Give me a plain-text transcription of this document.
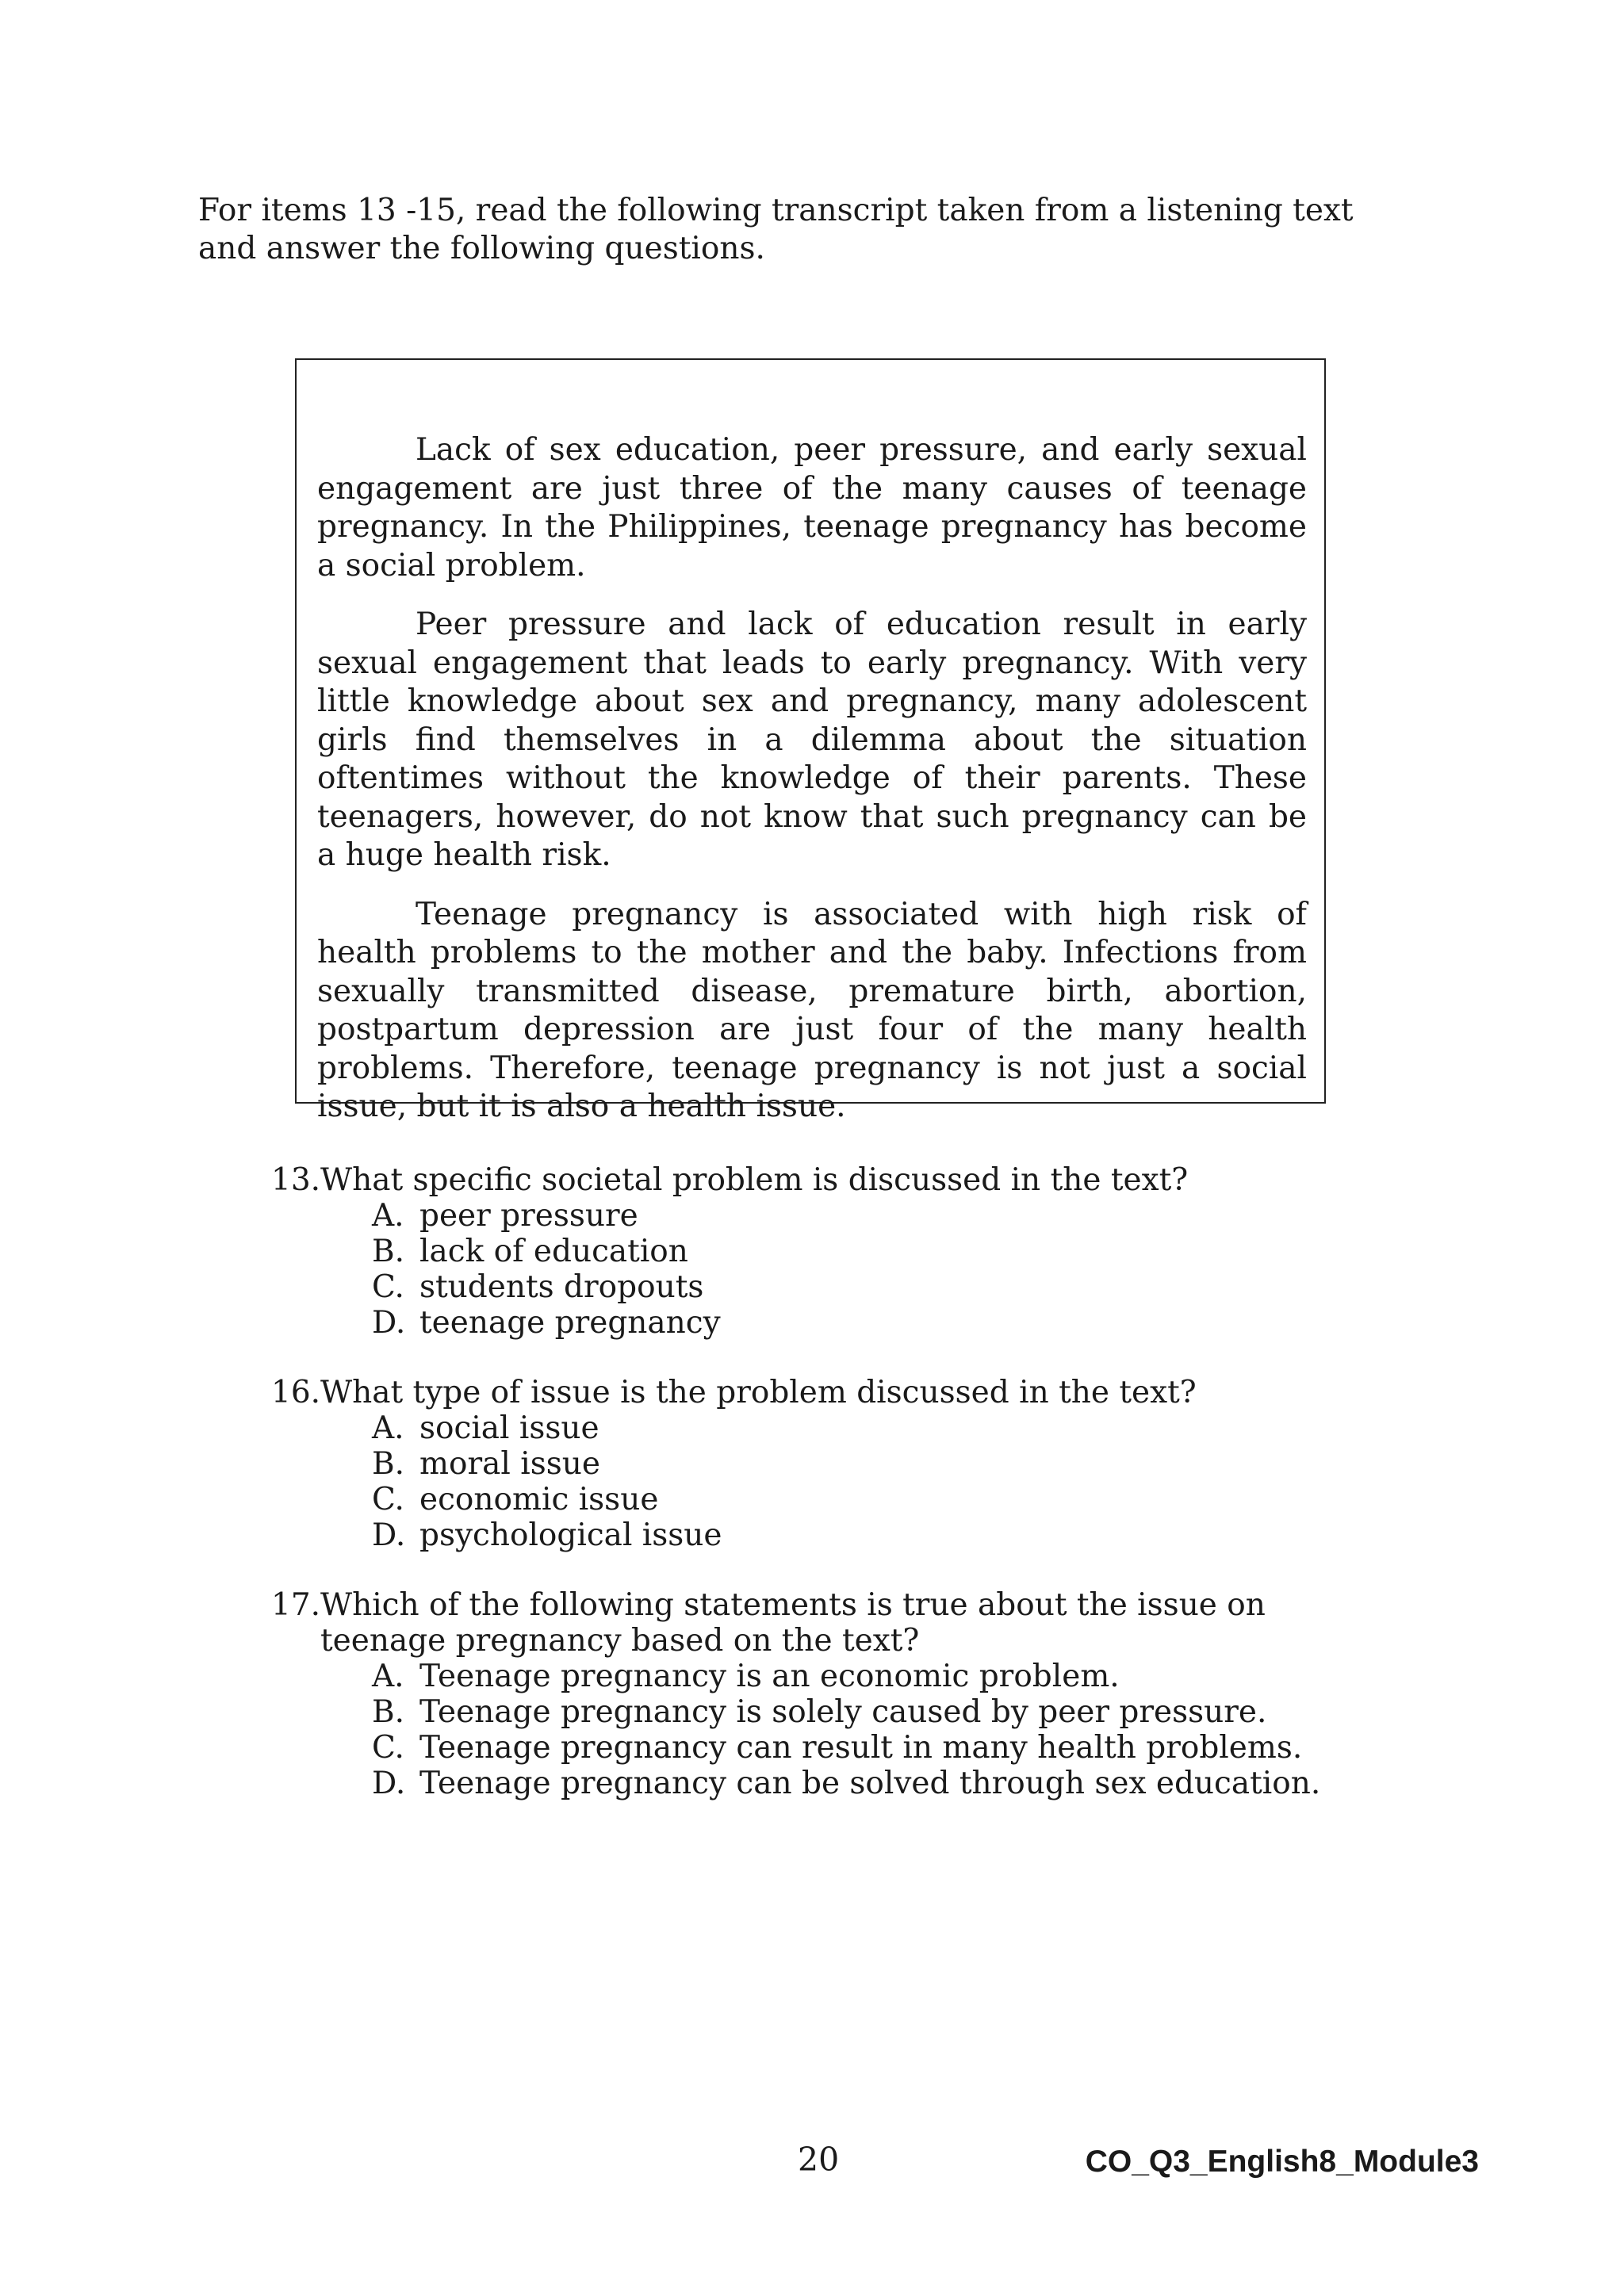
For items 13 -15, read the following transcript taken from a listening text and answer the following questions.

Lack of sex education, peer pressure, and early sexual engagement are just three of the many causes of teenage pregnancy. In the Philippines, teenage pregnancy has become a social problem.

Peer pressure and lack of education result in early sexual engagement that leads to early pregnancy. With very little knowledge about sex and pregnancy, many adolescent girls find themselves in a dilemma about the situation oftentimes without the knowledge of their parents. These teenagers, however, do not know that such pregnancy can be a huge health risk.

Teenage pregnancy is associated with high risk of health problems to the mother and the baby. Infections from sexually transmitted disease, premature birth, abortion, postpartum depression are just four of the many health problems. Therefore, teenage pregnancy is not just a social issue, but it is also a health issue.

13. What specific societal problem is discussed in the text?
A. peer pressure
B. lack of education
C. students dropouts
D. teenage pregnancy
16. What type of issue is the problem discussed in the text?
A. social issue
B. moral issue
C. economic issue
D. psychological issue
17. Which of the following statements is true about the issue on teenage pregnancy based on the text?
A. Teenage pregnancy is an economic problem.
B. Teenage pregnancy is solely caused by peer pressure.
C. Teenage pregnancy can result in many health problems.
D. Teenage pregnancy can be solved through sex education.
20	CO_Q3_English8_Module3
